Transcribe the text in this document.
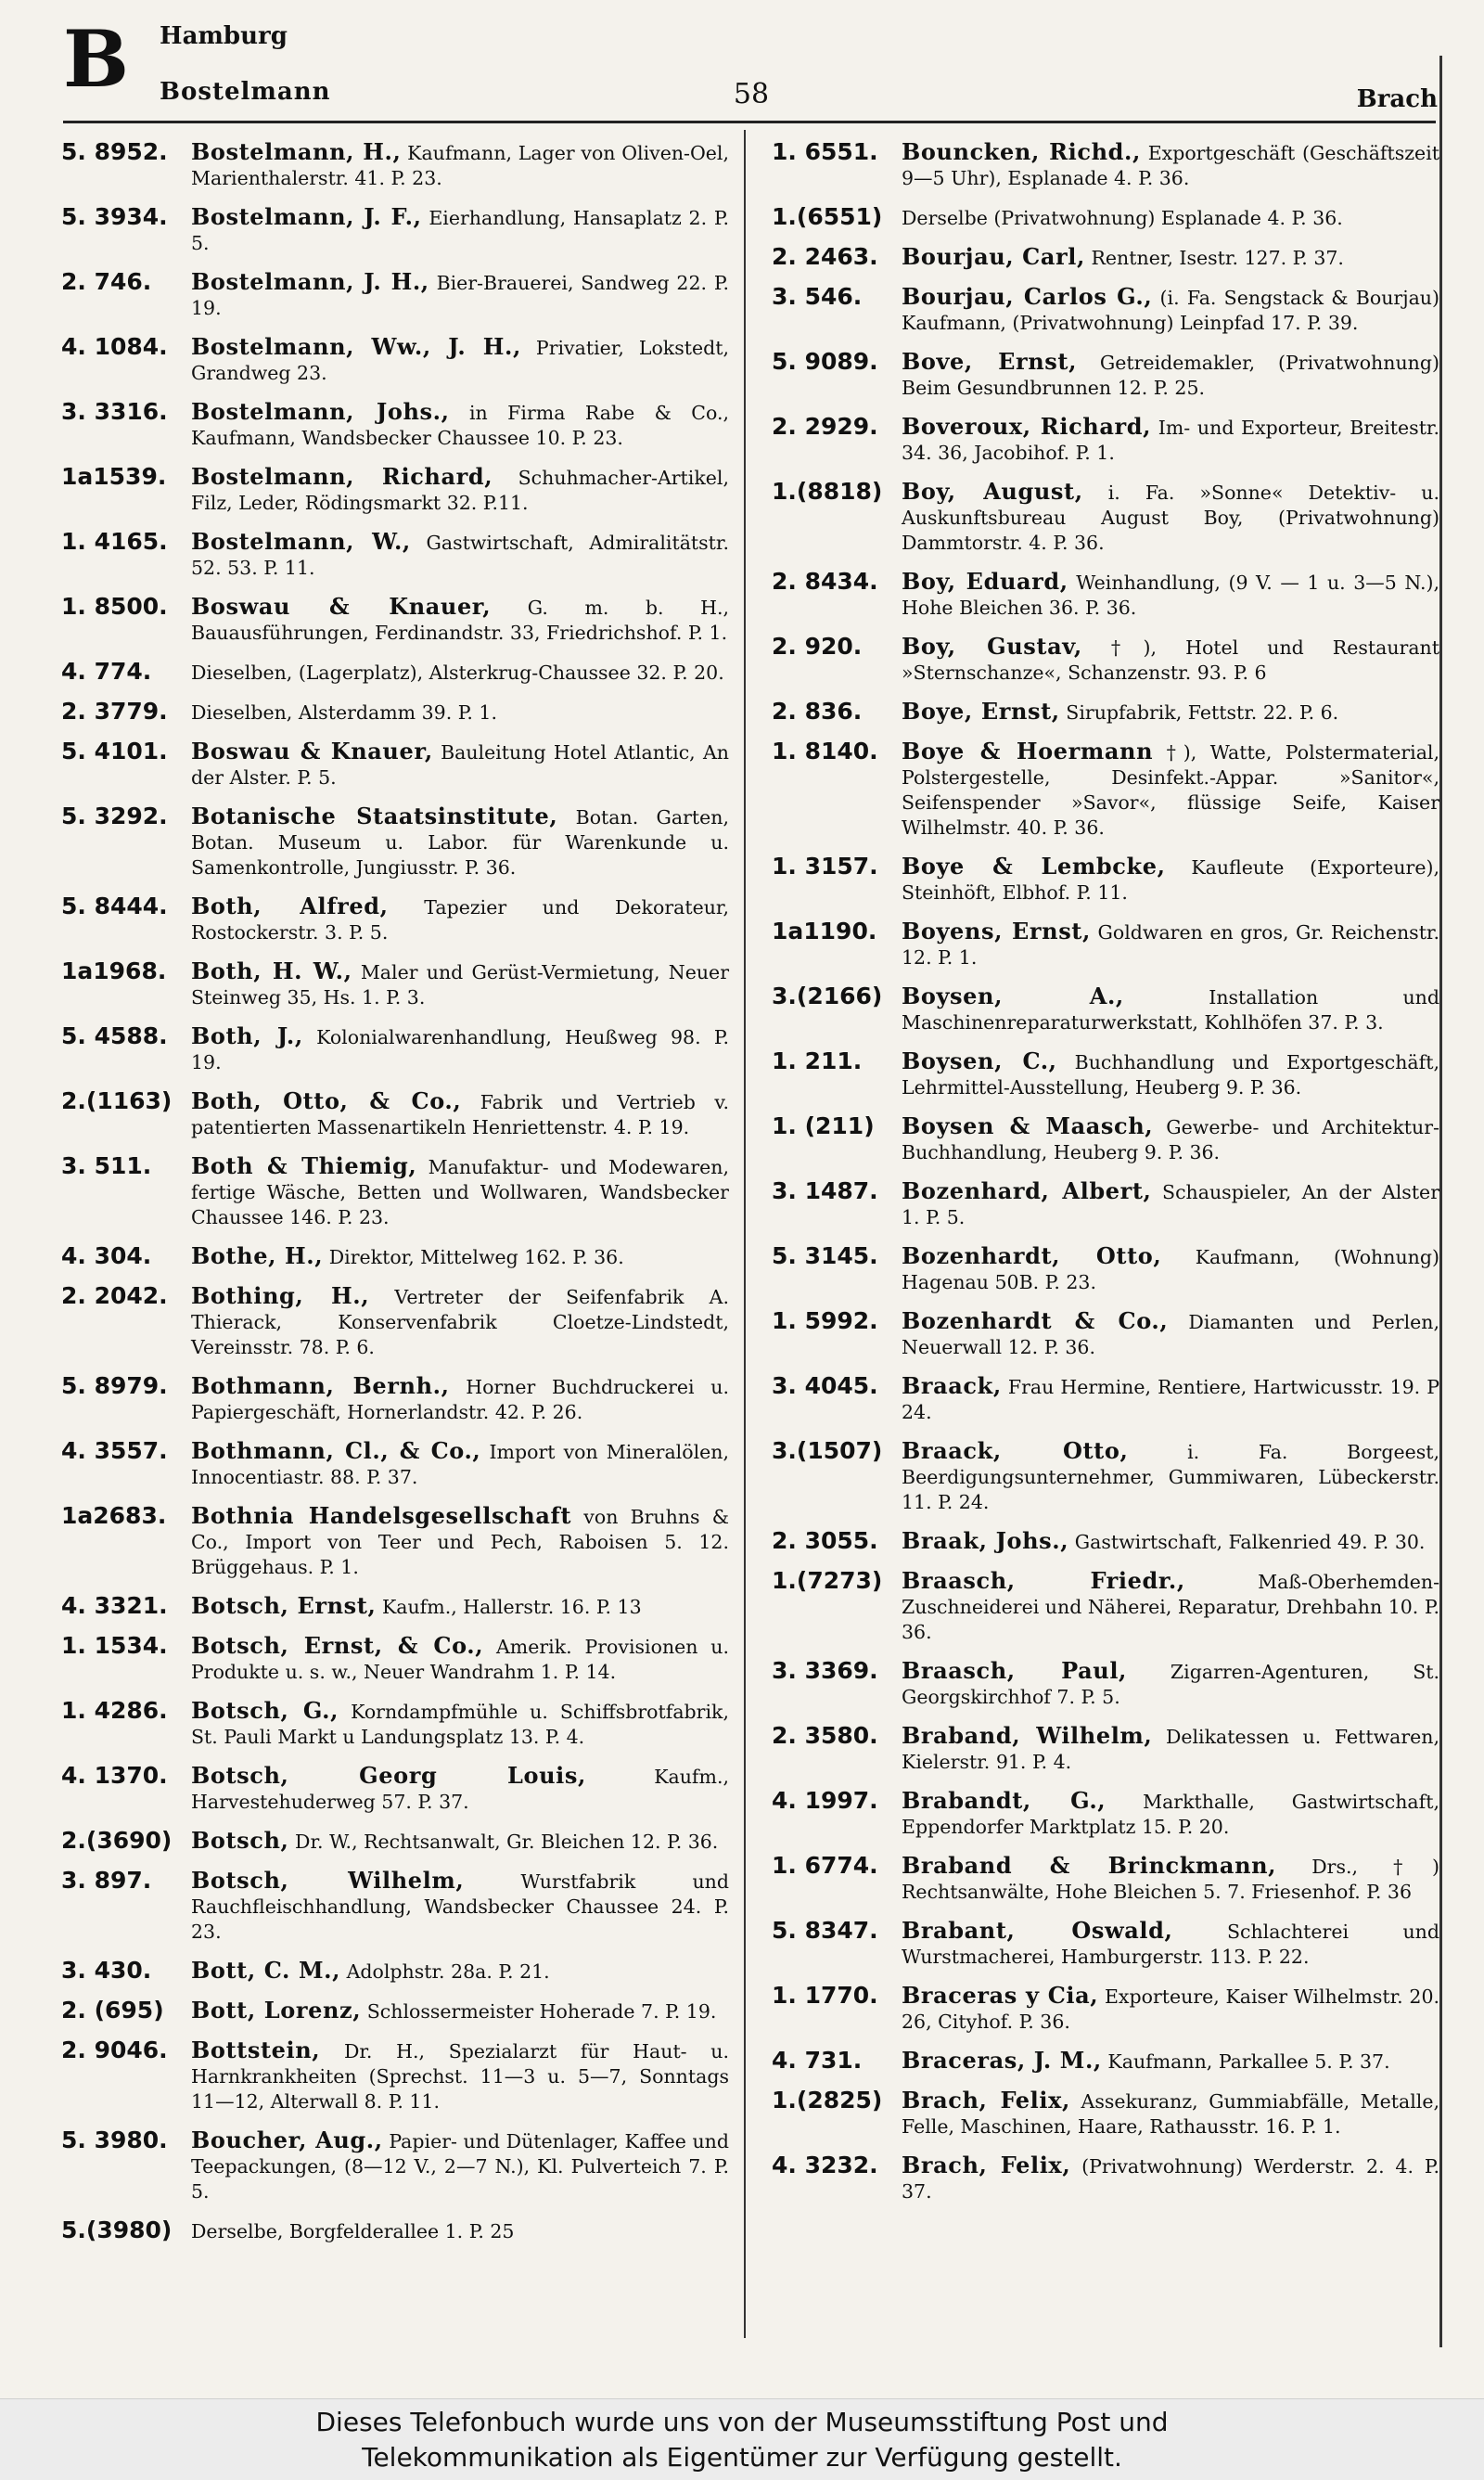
B Hamburg
Bostelmann	58	Brach
5. 8952.	Bostelmann, H., Kaufmann, Lager von Oliven-Oel, Marienthalerstr. 41. P. 23.
5. 3934.	Bostelmann, J. F., Eierhandlung, Hansaplatz 2. P. 5.
2. 746.	Bostelmann, J. H., Bier-Brauerei, Sandweg 22. P. 19.
4. 1084.	Bostelmann, Ww., J. H., Privatier, Lokstedt, Grandweg 23.
3. 3316.	Bostelmann, Johs., in Firma Rabe & Co., Kaufmann, Wandsbecker Chaussee 10. P. 23.
1a1539.	Bostelmann, Richard, Schuhmacher-Artikel, Filz, Leder, Rödingsmarkt 32. P.11.
1. 4165.	Bostelmann, W., Gastwirtschaft, Admiralitätstr. 52. 53. P. 11.
1. 8500.	Boswau & Knauer, G. m. b. H., Bauausführungen, Ferdinandstr. 33, Friedrichshof. P. 1.
4. 774.	Dieselben, (Lagerplatz), Alsterkrug-Chaussee 32. P. 20.
2. 3779.	Dieselben, Alsterdamm 39. P. 1.
5. 4101.	Boswau & Knauer, Bauleitung Hotel Atlantic, An der Alster. P. 5.
5. 3292.	Botanische Staatsinstitute, Botan. Garten, Botan. Museum u. Labor. für Warenkunde u. Samenkontrolle, Jungiusstr. P. 36.
5. 8444.	Both, Alfred, Tapezier und Dekorateur, Rostockerstr. 3. P. 5.
1a1968.	Both, H. W., Maler und Gerüst-Vermietung, Neuer Steinweg 35, Hs. 1. P. 3.
5. 4588.	Both, J., Kolonialwarenhandlung, Heußweg 98. P. 19.
2.(1163) Both, Otto, & Co., Fabrik und Vertrieb v. patentierten Massenartikeln Henriettenstr. 4. P. 19.
3. 511.	Both & Thiemig, Manufaktur- und Modewaren, fertige Wäsche, Betten und Wollwaren, Wandsbecker Chaussee 146. P. 23.
4. 304.	Bothe, H., Direktor, Mittelweg 162. P. 36.
2. 2042.	Bothing, H., Vertreter der Seifenfabrik A. Thierack, Konservenfabrik Cloetze-Lindstedt, Vereinsstr. 78. P. 6.
5. 8979.	Bothmann, Bernh., Horner Buchdruckerei u. Papiergeschäft, Hornerlandstr. 42. P. 26.
4. 3557.	Bothmann, Cl., & Co., Import von Mineralölen, Innocentiastr. 88. P. 37.
1a2683.	Bothnia Handelsgesellschaft von Bruhns & Co., Import von Teer und Pech, Raboisen 5. 12. Brüggehaus. P. 1.
4. 3321.	Botsch, Ernst, Kaufm., Hallerstr. 16. P. 13
1. 1534.	Botsch, Ernst, & Co., Amerik. Provisionen u. Produkte u. s. w., Neuer Wandrahm 1. P. 14.
1. 4286.	Botsch, G., Korndampfmühle u. Schiffsbrotfabrik, St. Pauli Markt u Landungsplatz 13. P. 4.
4. 1370.	Botsch, Georg Louis,	Kaufm., Harvestehuderweg 57. P. 37.
2.(3690) Botsch, Dr. W., Rechtsanwalt, Gr. Bleichen 12. P. 36.
3. 897.	Botsch, Wilhelm,	Wurstfabrik und Rauchfleischhandlung, Wandsbecker Chaussee 24. P. 23.
3. 430.	Bott, C. M., Adolphstr. 28a. P. 21.
2. (695)	Bott, Lorenz, Schlossermeister Hoherade 7. P. 19.
2. 9046.	Bottstein, Dr. H., Spezialarzt für Haut- u. Harnkrankheiten (Sprechst. 11—3 u. 5—7, Sonntags 11—12, Alterwall 8. P. 11.
5. 3980.	Boucher, Aug., Papier- und Dütenlager, Kaffee und Teepackungen, (8—12 V., 2—7 N.), Kl. Pulverteich 7. P. 5.
5.(3980)	Derselbe, Borgfelderallee 1. P. 25
1. 6551.	Bouncken, Richd., Exportgeschäft (Geschäftszeit 9—5 Uhr), Esplanade 4. P. 36.
1.(6551)	Derselbe (Privatwohnung) Esplanade 4. P. 36.
2. 2463.	Bourjau, Carl, Rentner, Isestr. 127. P. 37.
3. 546.	Bourjau, Carlos G., (i. Fa. Sengstack & Bourjau) Kaufmann, (Privatwohnung) Leinpfad 17. P. 39.
5. 9089.	Bove, Ernst, Getreidemakler, (Privatwohnung) Beim Gesundbrunnen 12. P. 25.
2. 2929.	Boveroux, Richard, Im- und Exporteur, Breitestr. 34. 36, Jacobihof. P. 1.
1.(8818) Boy, August, i. Fa. »Sonne« Detektiv- u. Auskunftsbureau August Boy, (Privatwohnung) Dammtorstr. 4. P. 36.
2. 8434.	Boy, Eduard, Weinhandlung, (9 V. — 1 u. 3—5 N.), Hohe Bleichen 36. P. 36.
2. 920.	Boy, Gustav, †), Hotel und Restaurant »Sternschanze«, Schanzenstr. 93. P. 6
2. 836.	Boye, Ernst, Sirupfabrik, Fettstr. 22. P. 6.
1. 8140.	Boye & Hoermann †), Watte, Polstermaterial, Polstergestelle, Desinfekt.-Appar. »Sanitor«, Seifenspender »Savor«, flüssige Seife, Kaiser Wilhelmstr. 40. P. 36.
1. 3157.	Boye & Lembcke, Kaufleute (Exporteure), Steinhöft, Elbhof. P. 11.
1a1190.	Boyens, Ernst, Goldwaren en gros, Gr. Reichenstr. 12. P. 1.
3.(2166) Boysen, A.,	Installation und Maschinenreparaturwerkstatt, Kohlhöfen 37. P. 3.
1. 211.	Boysen, C., Buchhandlung und Exportgeschäft, Lehrmittel-Ausstellung, Heuberg 9. P. 36.
1. (211)	Boysen & Maasch, Gewerbe- und Architektur-Buchhandlung, Heuberg 9. P. 36.
3. 1487.	Bozenhard, Albert, Schauspieler, An der Alster 1. P. 5.
5. 3145.	Bozenhardt, Otto, Kaufmann, (Wohnung) Hagenau 50B. P. 23.
1. 5992.	Bozenhardt & Co., Diamanten und Perlen, Neuerwall 12. P. 36.
3. 4045.	Braack, Frau Hermine, Rentiere, Hartwicusstr. 19. P 24.
3.(1507) Braack, Otto,	i. Fa. Borgeest, Beerdigungsunternehmer, Gummiwaren, Lübeckerstr. 11. P. 24.
2. 3055.	Braak, Johs., Gastwirtschaft, Falkenried 49. P. 30.
1.(7273) Braasch, Friedr.,	Maß-Oberhemden-Zuschneiderei und Näherei, Reparatur, Drehbahn 10. P. 36.
3. 3369.	Braasch, Paul, Zigarren-Agenturen, St. Georgskirchhof 7. P. 5.
2. 3580.	Braband, Wilhelm, Delikatessen u. Fettwaren, Kielerstr. 91. P. 4.
4. 1997.	Brabandt, G., Markthalle, Gastwirtschaft, Eppendorfer Marktplatz 15. P. 20.
1. 6774.	Braband & Brinckmann, Drs., †) Rechtsanwälte, Hohe Bleichen 5. 7. Friesenhof. P. 36
5. 8347.	Brabant, Oswald,	Schlachterei und Wurstmacherei, Hamburgerstr. 113. P. 22.
1. 1770.	Braceras y Cia, Exporteure, Kaiser Wilhelmstr. 20. 26, Cityhof. P. 36.
4. 731.	Braceras, J. M., Kaufmann, Parkallee 5. P. 37.
1.(2825) Brach, Felix, Assekuranz, Gummiabfälle, Metalle, Felle, Maschinen, Haare, Rathausstr. 16. P. 1.
4. 3232.	Brach, Felix, (Privatwohnung) Werderstr. 2. 4. P. 37.
Dieses Telefonbuch wurde uns von der Museumsstiftung Post und
Telekommunikation als Eigentümer zur Verfügung gestellt.
